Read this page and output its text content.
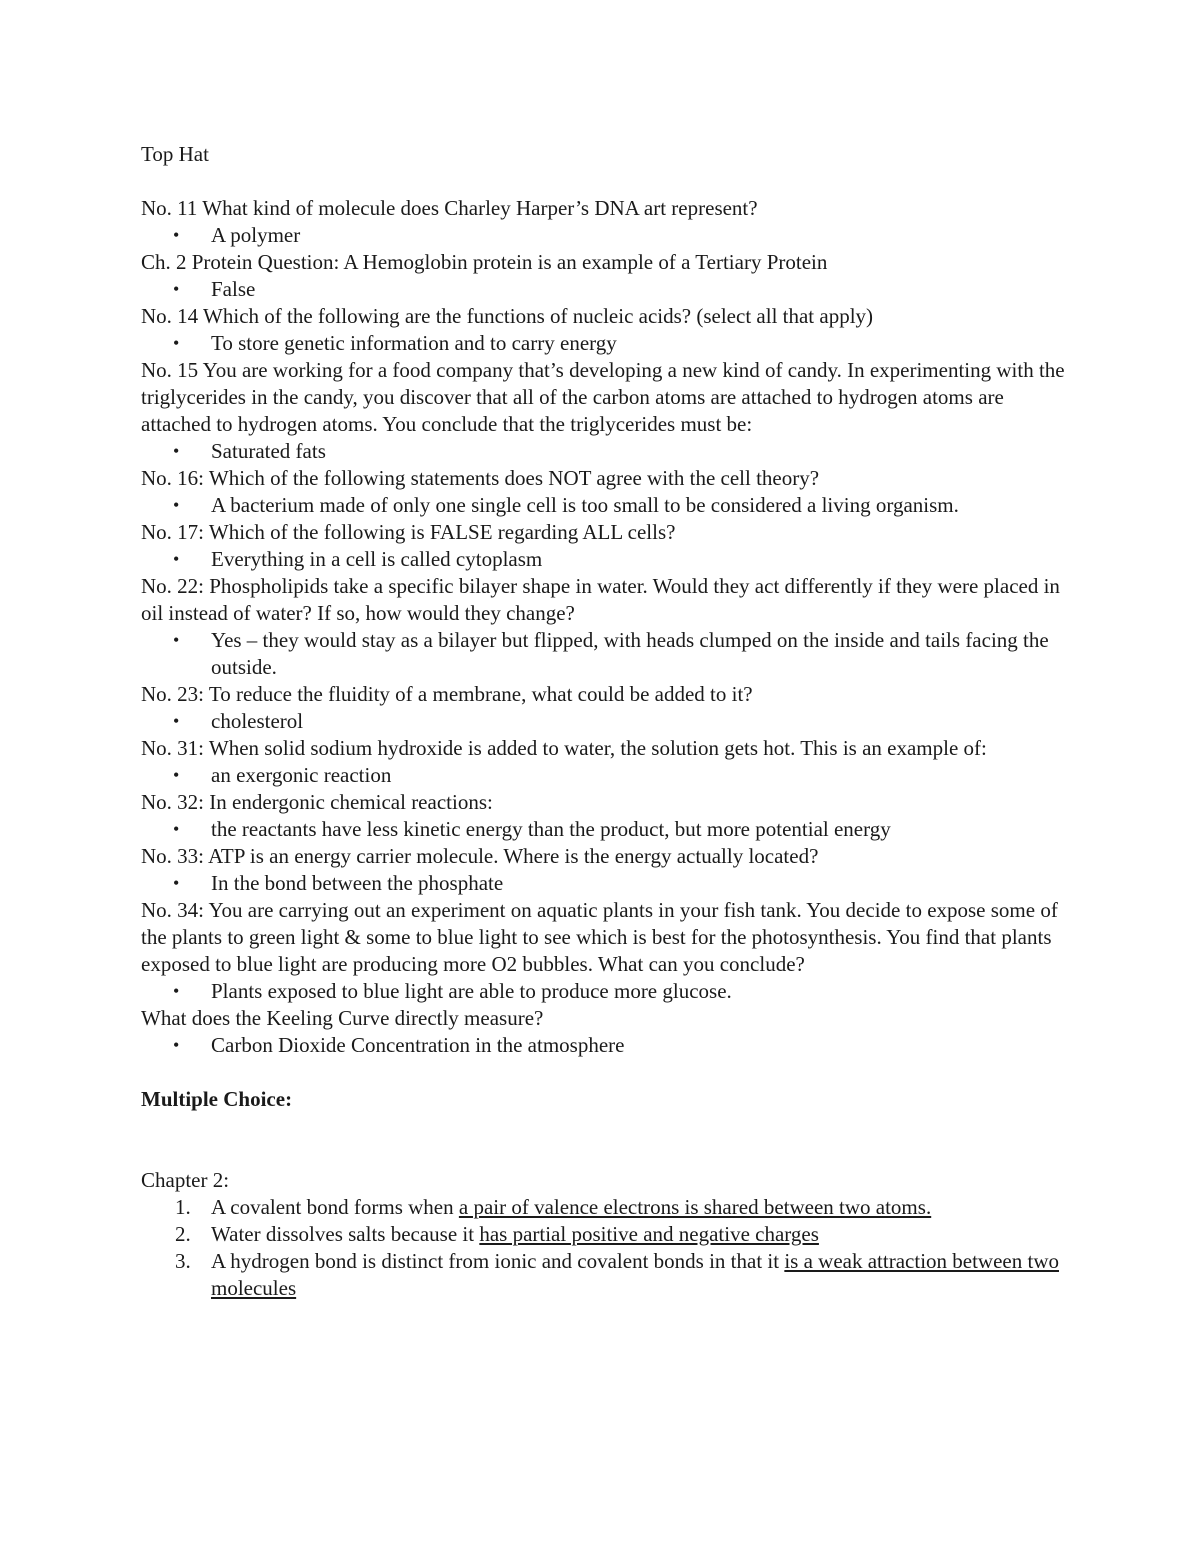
Top Hat

No. 11 What kind of molecule does Charley Harper’s DNA art represent?

• A polymer

Ch. 2 Protein Question: A Hemoglobin protein is an example of a Tertiary Protein

• False

No. 14 Which of the following are the functions of nucleic acids? (select all that apply)

• To store genetic information and to carry energy

No. 15 You are working for a food company that’s developing a new kind of candy. In experimenting with the triglycerides in the candy, you discover that all of the carbon atoms are attached to hydrogen atoms are attached to hydrogen atoms. You conclude that the triglycerides must be:

• Saturated fats

No. 16: Which of the following statements does NOT agree with the cell theory?

• A bacterium made of only one single cell is too small to be considered a living organism.

No. 17: Which of the following is FALSE regarding ALL cells?

• Everything in a cell is called cytoplasm

No. 22: Phospholipids take a specific bilayer shape in water. Would they act differently if they were placed in oil instead of water? If so, how would they change?

• Yes – they would stay as a bilayer but flipped, with heads clumped on the inside and tails facing the outside.

No. 23: To reduce the fluidity of a membrane, what could be added to it?

• cholesterol

No. 31: When solid sodium hydroxide is added to water, the solution gets hot. This is an example of:

• an exergonic reaction

No. 32: In endergonic chemical reactions:

• the reactants have less kinetic energy than the product, but more potential energy

No. 33: ATP is an energy carrier molecule. Where is the energy actually located?

• In the bond between the phosphate

No. 34: You are carrying out an experiment on aquatic plants in your fish tank. You decide to expose some of the plants to green light & some to blue light to see which is best for the photosynthesis. You find that plants exposed to blue light are producing more O2 bubbles. What can you conclude?

• Plants exposed to blue light are able to produce more glucose.

What does the Keeling Curve directly measure?

• Carbon Dioxide Concentration in the atmosphere

Multiple Choice:

Chapter 2:

1. A covalent bond forms when a pair of valence electrons is shared between two atoms.
2. Water dissolves salts because it has partial positive and negative charges
3. A hydrogen bond is distinct from ionic and covalent bonds in that it is a weak attraction between two molecules
